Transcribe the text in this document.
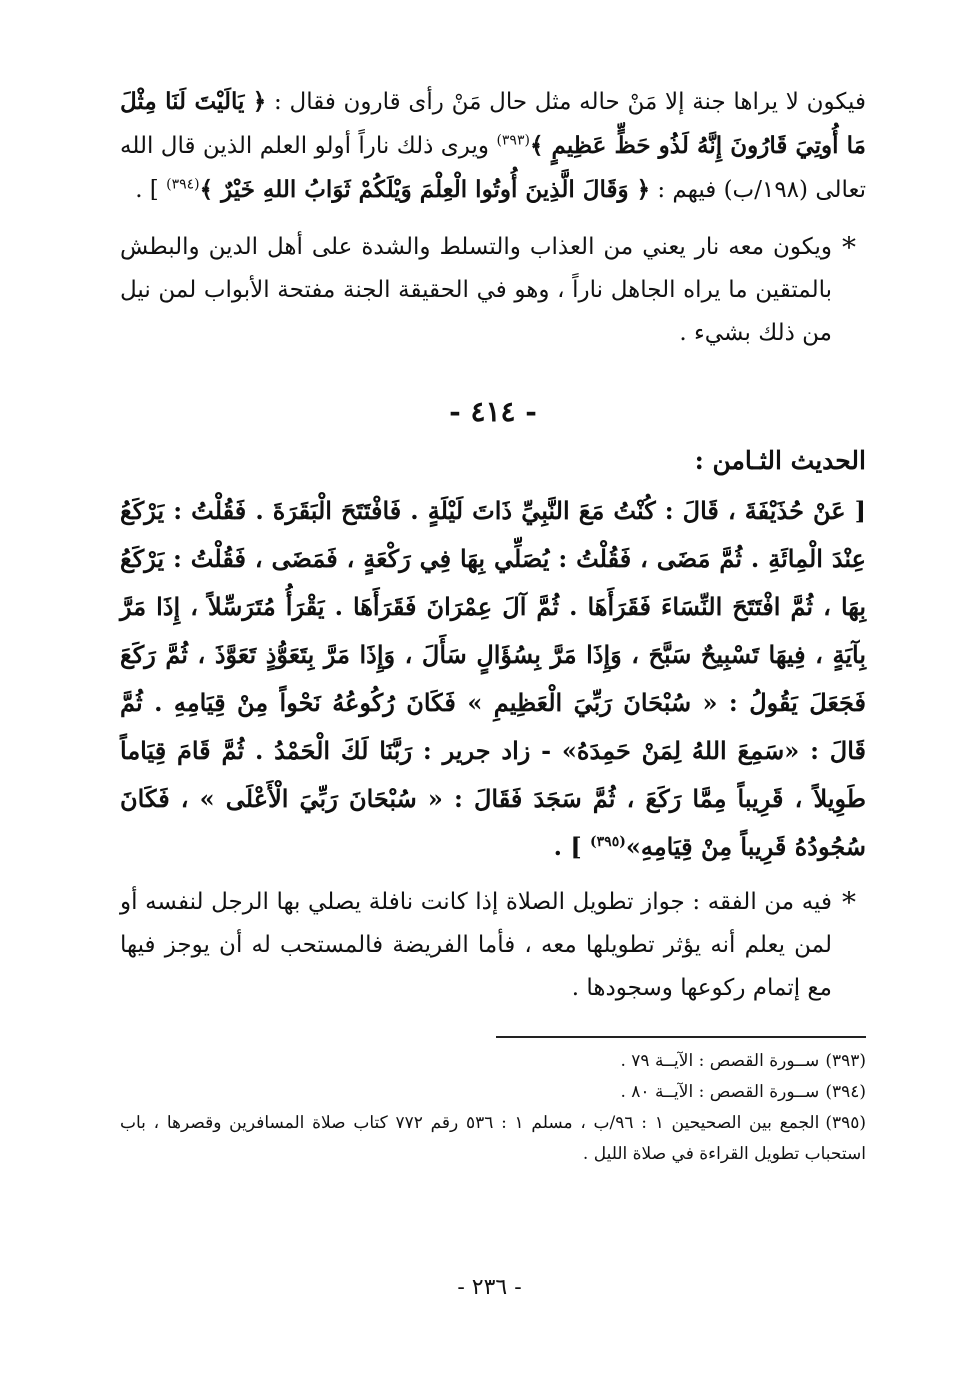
فيكون لا يراها جنة إلا مَنْ حاله مثل حال مَنْ رأى قارون فقال : ﴿ يَالَيْتَ لَنَا مِثْلَ مَا أُوتِيَ قَارُونَ إِنَّهُ لَذُو حَظٍّ عَظِيمٍ ﴾$^{(٣٩٣)}$ ويرى ذلك ناراً أولو العلم الذين قال الله تعالى (١٩٨/ب) فيهم : ﴿ وَقَالَ الَّذِينَ أُوتُوا الْعِلْمَ وَيْلَكُمْ ثَوَابُ اللهِ خَيْرٌ ﴾$^{(٣٩٤)}$ ] .

*
ويكون معه نار يعني من العذاب والتسلط والشدة على أهل الدين والبطش بالمتقين ما يراه الجاهل ناراً ، وهو في الحقيقة الجنة مفتحة الأبواب لمن نيل من ذلك بشيء .
- ٤١٤ -
الحديث الثـامن :

[ عَنْ حُذَيْفَةَ ، قَالَ : كُنْتُ مَعَ النَّبِيِّ ذَاتَ لَيْلَةٍ . فَافْتَتَحَ الْبَقَرَةَ . فَقُلْتُ : يَرْكَعُ عِنْدَ الْمِائَةِ . ثُمَّ مَضَى ، فَقُلْتُ : يُصَلِّي بِهَا فِي رَكْعَةٍ ، فَمَضَى ، فَقُلْتُ : يَرْكَعُ بِهَا ، ثُمَّ افْتَتَحَ النِّسَاءَ فَقَرَأَهَا . ثُمَّ آلَ عِمْرَانَ فَقَرَأَهَا . يَقْرَأُ مُتَرَسِّلاً ، إِذَا مَرَّ بِآيَةٍ ، فِيهَا تَسْبِيحٌ سَبَّحَ ، وَإِذَا مَرَّ بِسُؤَالٍ سَأَلَ ، وَإِذَا مَرَّ بِتَعَوُّذٍ تَعَوَّذَ ، ثُمَّ رَكَعَ فَجَعَلَ يَقُولُ : « سُبْحَانَ رَبِّيَ الْعَظِيمِ » فَكَانَ رُكُوعُهُ نَحْواً مِنْ قِيَامِهِ . ثُمَّ قَالَ : «سَمِعَ اللهُ لِمَنْ حَمِدَهُ» - زاد جرير : رَبَّنَا لَكَ الْحَمْدُ . ثُمَّ قَامَ قِيَاماً طَوِيلاً ، قَرِيباً مِمَّا رَكَعَ ، ثُمَّ سَجَدَ فَقَالَ : « سُبْحَانَ رَبِّيَ الْأَعْلَى » ، فَكَانَ سُجُودُهُ قَرِيباً مِنْ قِيَامِهِ»$^{(٣٩٥)}$ ] .

*
فيه من الفقه : جواز تطويل الصلاة إذا كانت نافلة يصلي بها الرجل لنفسه أو لمن يعلم أنه يؤثر تطويلها معه ، فأما الفريضة فالمستحب له أن يوجز فيها مع إتمام ركوعها وسجودها .

(٣٩٣)ســورة القصص : الآيــة ٧٩ .

(٣٩٤)ســورة القصص : الآيــة ٨٠ .

(٣٩٥)الجمع بين الصحيحين ١ : ٩٦/ب ، مسلم ١ : ٥٣٦ رقم ٧٧٢ كتاب صلاة المسافرين وقصرها ، باب استحباب تطويل القراءة في صلاة الليل .

- ٢٣٦ -
